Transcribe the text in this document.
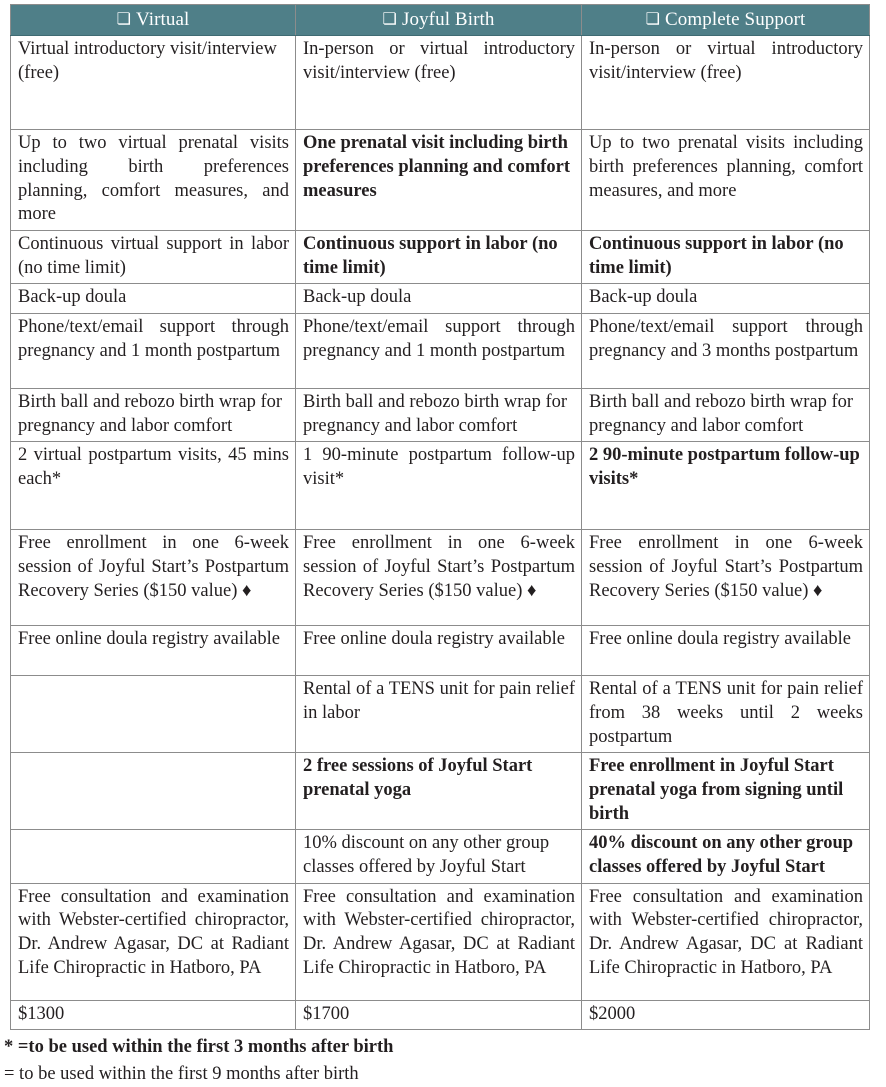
❏ Virtual	❏ Joyful Birth	❏ Complete Support
Virtual introductory visit/interview (free)	In-person or virtual introductory visit/interview (free)	In-person or virtual introductory visit/interview (free)
Up to two virtual prenatal visits including birth preferences planning, comfort measures, and more	One prenatal visit including birth preferences planning and comfort measures	Up to two prenatal visits including birth preferences planning, comfort measures, and more
Continuous virtual support in labor (no time limit)	Continuous support in labor (no time limit)	Continuous support in labor (no time limit)
Back-up doula	Back-up doula	Back-up doula
Phone/text/email support through pregnancy and 1 month postpartum	Phone/text/email support through pregnancy and 1 month postpartum	Phone/text/email support through pregnancy and 3 months postpartum
Birth ball and rebozo birth wrap for pregnancy and labor comfort	Birth ball and rebozo birth wrap for pregnancy and labor comfort	Birth ball and rebozo birth wrap for pregnancy and labor comfort
2 virtual postpartum visits, 45 mins each*	1 90-minute postpartum follow-up visit*	2 90-minute postpartum follow-up visits*
Free enrollment in one 6-week session of Joyful Start’s Postpartum Recovery Series ($150 value) ♦	Free enrollment in one 6-week session of Joyful Start’s Postpartum Recovery Series ($150 value) ♦	Free enrollment in one 6-week session of Joyful Start’s Postpartum Recovery Series ($150 value) ♦
Free online doula registry available	Free online doula registry available	Free online doula registry available
	Rental of a TENS unit for pain relief in labor	Rental of a TENS unit for pain relief from 38 weeks until 2 weeks postpartum
	2 free sessions of Joyful Start prenatal yoga	Free enrollment in Joyful Start prenatal yoga from signing until birth
	10% discount on any other group classes offered by Joyful Start	40% discount on any other group classes offered by Joyful Start
Free consultation and examination with Webster-certified chiropractor, Dr. Andrew Agasar, DC at Radiant Life Chiropractic in Hatboro, PA	Free consultation and examination with Webster-certified chiropractor, Dr. Andrew Agasar, DC at Radiant Life Chiropractic in Hatboro, PA	Free consultation and examination with Webster-certified chiropractor, Dr. Andrew Agasar, DC at Radiant Life Chiropractic in Hatboro, PA
$1300	$1700	$2000
* =to be used within the first 3 months after birth
= to be used within the first 9 months after birth
